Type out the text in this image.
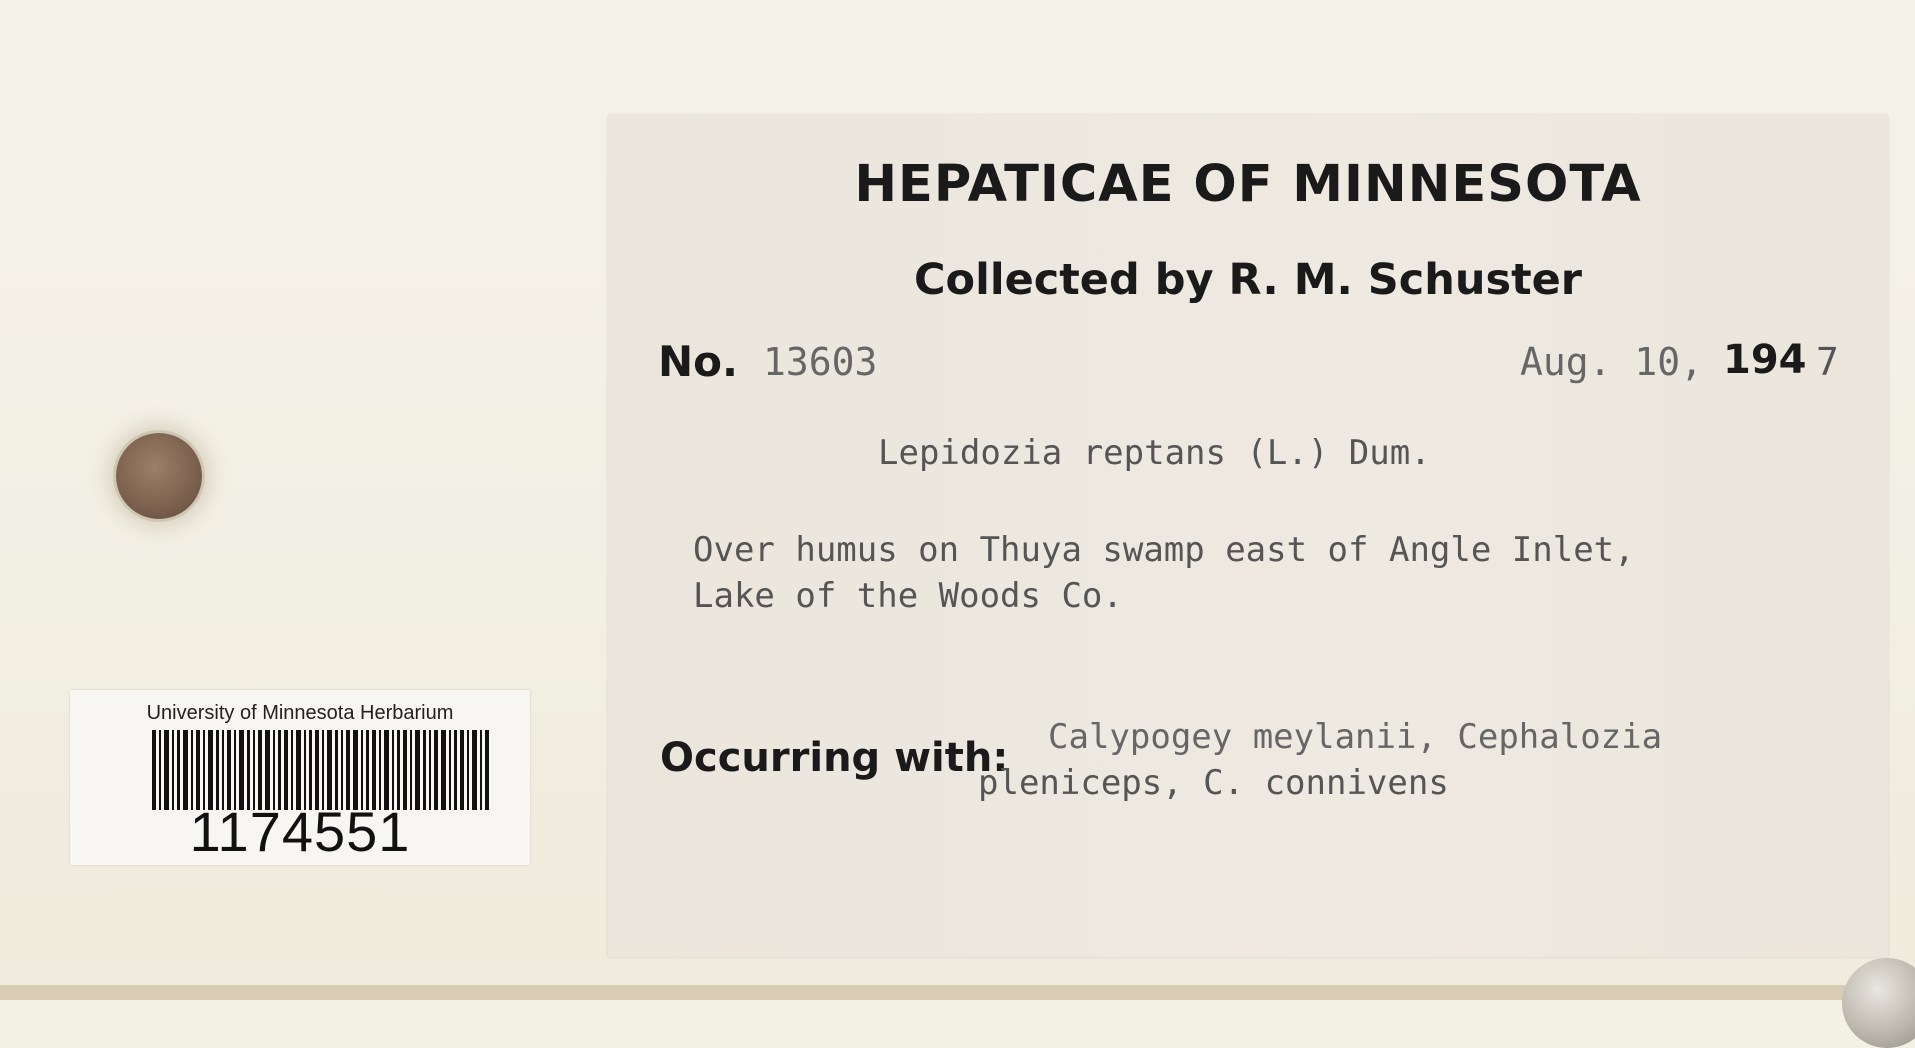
University of Minnesota Herbarium
1174551
HEPATICAE OF MINNESOTA
Collected by R. M. Schuster
No. 13603	Aug. 10, 194 7
Lepidozia reptans (L.) Dum.
Over humus on Thuya swamp east of Angle Inlet,
Lake of the Woods Co.
Occurring with: Calypogey meylanii, Cephalozia
pleniceps, C. connivens
